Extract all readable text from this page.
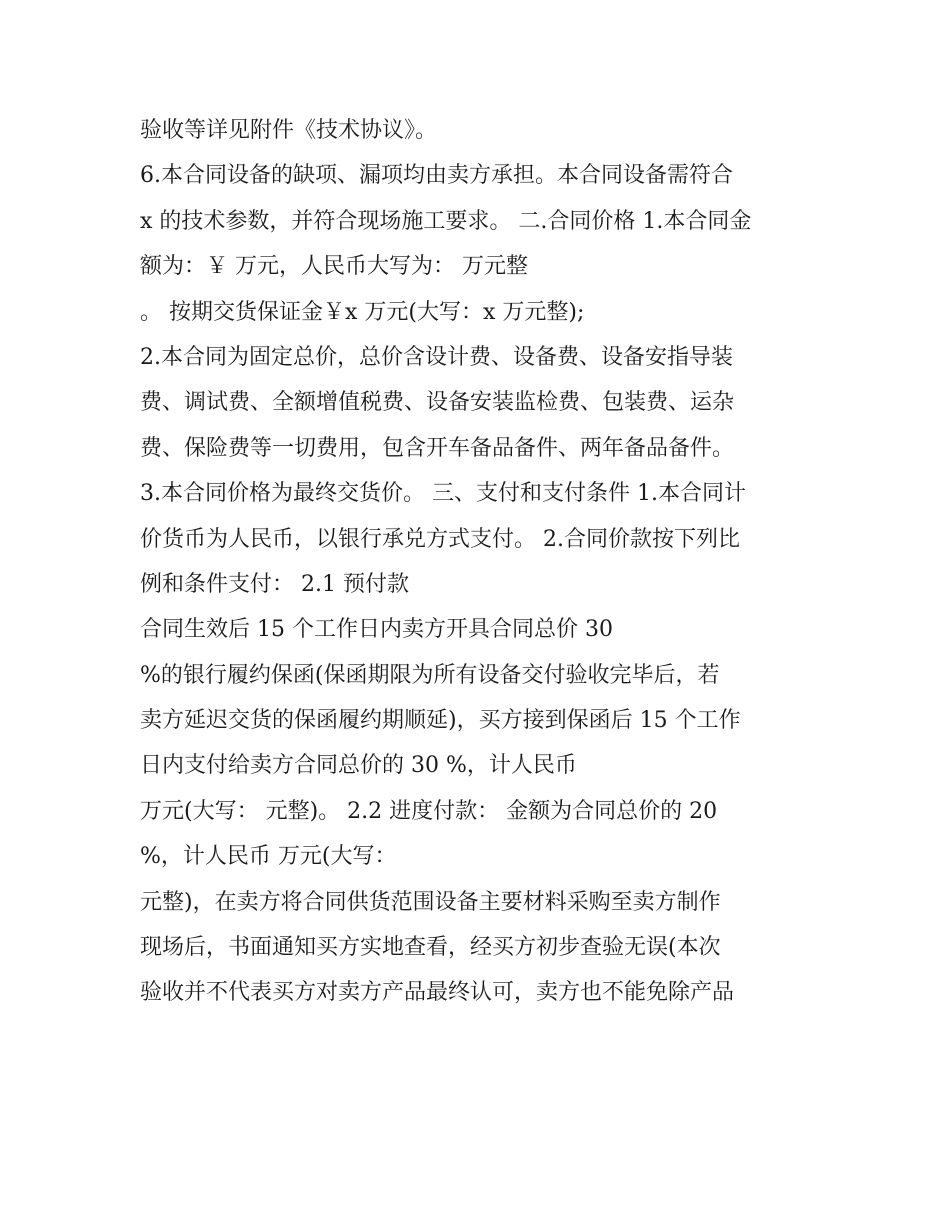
验收等详见附件《技术协议》。
6.本合同设备的缺项、漏项均由卖方承担。本合同设备需符合
x 的技术参数，并符合现场施工要求。 二.合同价格 1.本合同金
额为：￥ 万元，人民币大写为： 万元整
。 按期交货保证金￥x 万元(大写：x 万元整);
2.本合同为固定总价，总价含设计费、设备费、设备安指导装
费、调试费、全额增值税费、设备安装监检费、包装费、运杂
费、保险费等一切费用，包含开车备品备件、两年备品备件。
3.本合同价格为最终交货价。 三、支付和支付条件 1.本合同计
价货币为人民币，以银行承兑方式支付。 2.合同价款按下列比
例和条件支付： 2.1 预付款
合同生效后 15 个工作日内卖方开具合同总价 30
%的银行履约保函(保函期限为所有设备交付验收完毕后，若
卖方延迟交货的保函履约期顺延)，买方接到保函后 15 个工作
日内支付给卖方合同总价的 30 %，计人民币
万元(大写： 元整)。 2.2 进度付款： 金额为合同总价的 20
%，计人民币 万元(大写：
元整)，在卖方将合同供货范围设备主要材料采购至卖方制作
现场后，书面通知买方实地查看，经买方初步查验无误(本次
验收并不代表买方对卖方产品最终认可，卖方也不能免除产品
